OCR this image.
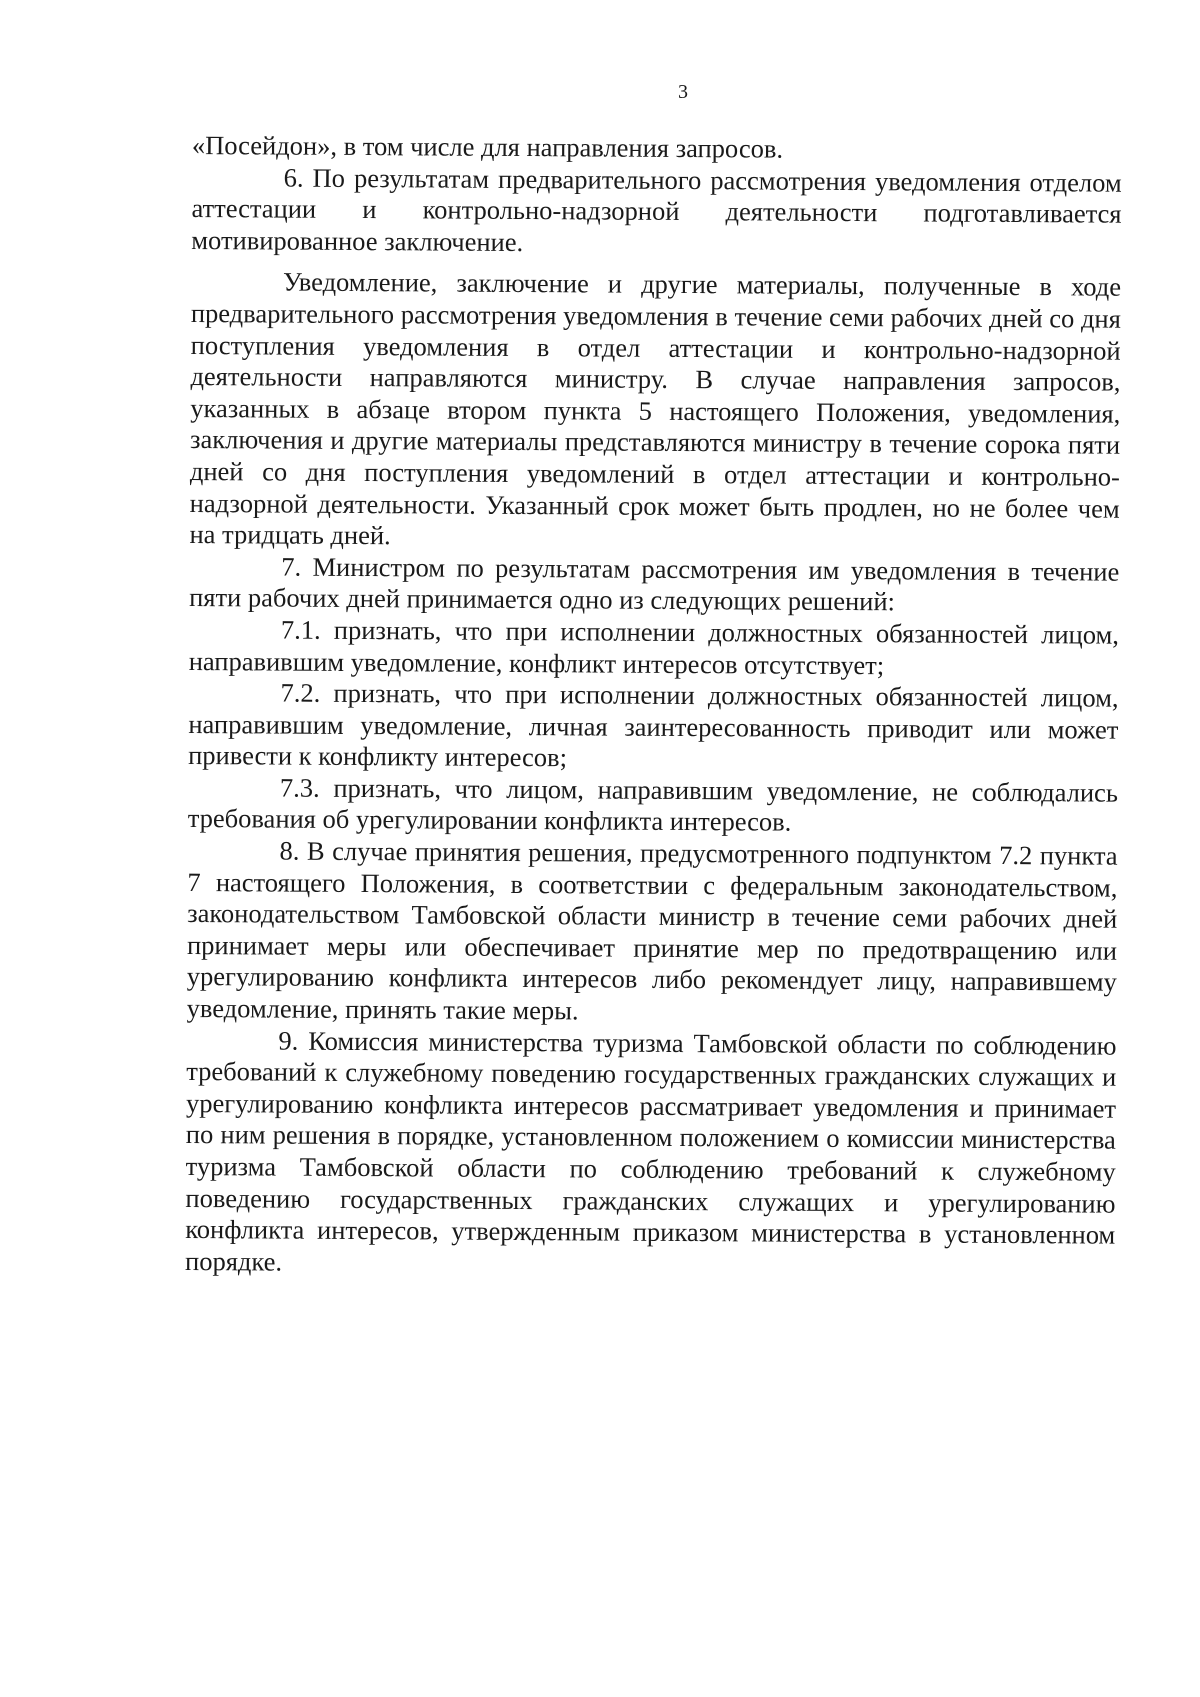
3

«Посейдон», в том числе для направления запросов.

6. По результатам предварительного рассмотрения уведомления отделом аттестации и контрольно-надзорной деятельности подготавливается мотивированное заключение.

Уведомление, заключение и другие материалы, полученные в ходе предварительного рассмотрения уведомления в течение семи рабочих дней со дня поступления уведомления в отдел аттестации и контрольно-надзорной деятельности направляются министру. В случае направления запросов, указанных в абзаце втором пункта 5 настоящего Положения, уведомления, заключения и другие материалы представляются министру в течение сорока пяти дней со дня поступления уведомлений в отдел аттестации и контрольно-надзорной деятельности. Указанный срок может быть продлен, но не более чем на тридцать дней.

7. Министром по результатам рассмотрения им уведомления в течение пяти рабочих дней принимается одно из следующих решений:

7.1. признать, что при исполнении должностных обязанностей лицом, направившим уведомление, конфликт интересов отсутствует;

7.2. признать, что при исполнении должностных обязанностей лицом, направившим уведомление, личная заинтересованность приводит или может привести к конфликту интересов;

7.3. признать, что лицом, направившим уведомление, не соблюдались требования об урегулировании конфликта интересов.

8. В случае принятия решения, предусмотренного подпунктом 7.2 пункта 7 настоящего Положения, в соответствии с федеральным законодательством, законодательством Тамбовской области министр в течение семи рабочих дней принимает меры или обеспечивает принятие мер по предотвращению или урегулированию конфликта интересов либо рекомендует лицу, направившему уведомление, принять такие меры.

9. Комиссия министерства туризма Тамбовской области по соблюдению требований к служебному поведению государственных гражданских служащих и урегулированию конфликта интересов рассматривает уведомления и принимает по ним решения в порядке, установленном положением о комиссии министерства туризма Тамбовской области по соблюдению требований к служебному поведению государственных гражданских служащих и урегулированию конфликта интересов, утвержденным приказом министерства в установленном порядке.
